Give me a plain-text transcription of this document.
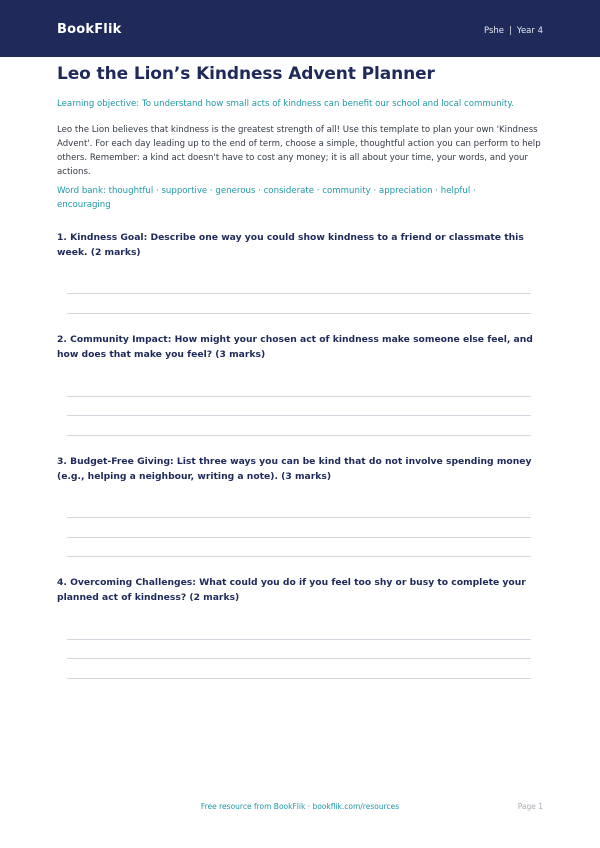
BookFlik	Pshe | Year 4
Leo the Lion’s Kindness Advent Planner
Learning objective: To understand how small acts of kindness can benefit our school and local community.
Leo the Lion believes that kindness is the greatest strength of all! Use this template to plan your own 'Kindness Advent'. For each day leading up to the end of term, choose a simple, thoughtful action you can perform to help others. Remember: a kind act doesn't have to cost any money; it is all about your time, your words, and your actions.
Word bank: thoughtful · supportive · generous · considerate · community · appreciation · helpful · encouraging
1. Kindness Goal: Describe one way you could show kindness to a friend or classmate this week. (2 marks)
2. Community Impact: How might your chosen act of kindness make someone else feel, and how does that make you feel? (3 marks)
3. Budget-Free Giving: List three ways you can be kind that do not involve spending money (e.g., helping a neighbour, writing a note). (3 marks)
4. Overcoming Challenges: What could you do if you feel too shy or busy to complete your planned act of kindness? (2 marks)
Free resource from BookFlik · bookflik.com/resources	Page 1
